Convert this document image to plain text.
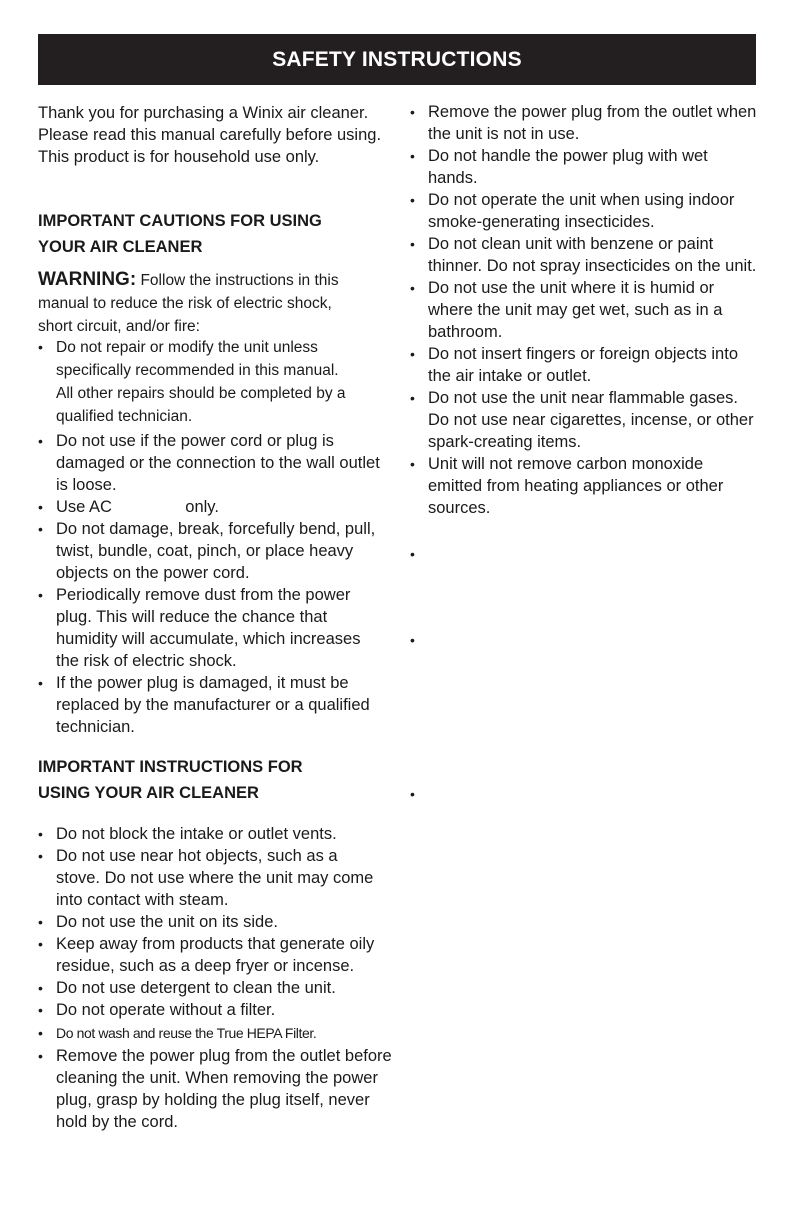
SAFETY INSTRUCTIONS
Thank you for purchasing a Winix air cleaner. Please read this manual carefully before using. This product is for household use only.
IMPORTANT CAUTIONS FOR USING
YOUR AIR CLEANER
WARNING: Follow the instructions in this manual to reduce the risk of electric shock, short circuit, and/or fire:
• Do not repair or modify the unit unless specifically recommended in this manual. All other repairs should be completed by a qualified technician.
• Do not use if the power cord or plug is damaged or the connection to the wall outlet is loose.
• Use AC                only.
• Do not damage, break, forcefully bend, pull, twist, bundle, coat, pinch, or place heavy objects on the power cord.
• Periodically remove dust from the power plug. This will reduce the chance that humidity will accumulate, which increases the risk of electric shock.
• If the power plug is damaged, it must be replaced by the manufacturer or a qualified technician.
IMPORTANT INSTRUCTIONS FOR
USING YOUR AIR CLEANER
• Do not block the intake or outlet vents.
• Do not use near hot objects, such as a stove. Do not use where the unit may come into contact with steam.
• Do not use the unit on its side.
• Keep away from products that generate oily residue, such as a deep fryer or incense.
• Do not use detergent to clean the unit.
• Do not operate without a filter.
• Do not wash and reuse the True HEPA Filter.
• Remove the power plug from the outlet before cleaning the unit. When removing the power plug, grasp by holding the plug itself, never hold by the cord.
• Remove the power plug from the outlet when the unit is not in use.
• Do not handle the power plug with wet hands.
• Do not operate the unit when using indoor smoke-generating insecticides.
• Do not clean unit with benzene or paint thinner. Do not spray insecticides on the unit.
• Do not use the unit where it is humid or where the unit may get wet, such as in a bathroom.
• Do not insert fingers or foreign objects into the air intake or outlet.
• Do not use the unit near flammable gases. Do not use near cigarettes, incense, or other spark-creating items.
• Unit will not remove carbon monoxide emitted from heating appliances or other sources.
•
•
•
